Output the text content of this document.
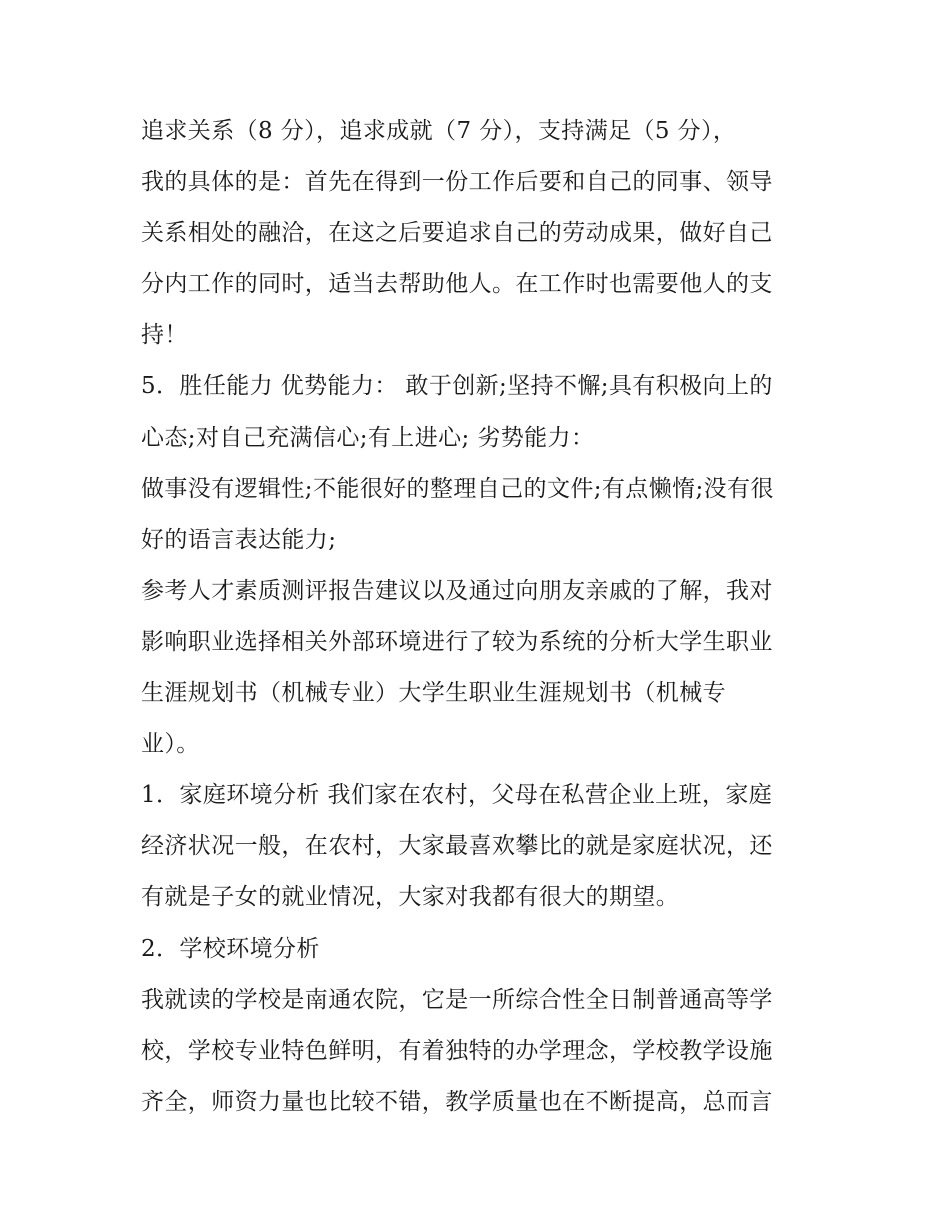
追求关系（8 分），追求成就（7 分），支持满足（5 分），
我的具体的是：首先在得到一份工作后要和自己的同事、领导
关系相处的融洽，在这之后要追求自己的劳动成果，做好自己
分内工作的同时，适当去帮助他人。在工作时也需要他人的支
持！
5．胜任能力 优势能力： 敢于创新;坚持不懈;具有积极向上的
心态;对自己充满信心;有上进心; 劣势能力：
做事没有逻辑性;不能很好的整理自己的文件;有点懒惰;没有很
好的语言表达能力;
参考人才素质测评报告建议以及通过向朋友亲戚的了解，我对
影响职业选择相关外部环境进行了较为系统的分析大学生职业
生涯规划书（机械专业）大学生职业生涯规划书（机械专
业）。
1．家庭环境分析 我们家在农村，父母在私营企业上班，家庭
经济状况一般，在农村，大家最喜欢攀比的就是家庭状况，还
有就是子女的就业情况，大家对我都有很大的期望。
2．学校环境分析
我就读的学校是南通农院，它是一所综合性全日制普通高等学
校，学校专业特色鲜明，有着独特的办学理念，学校教学设施
齐全，师资力量也比较不错，教学质量也在不断提高，总而言
